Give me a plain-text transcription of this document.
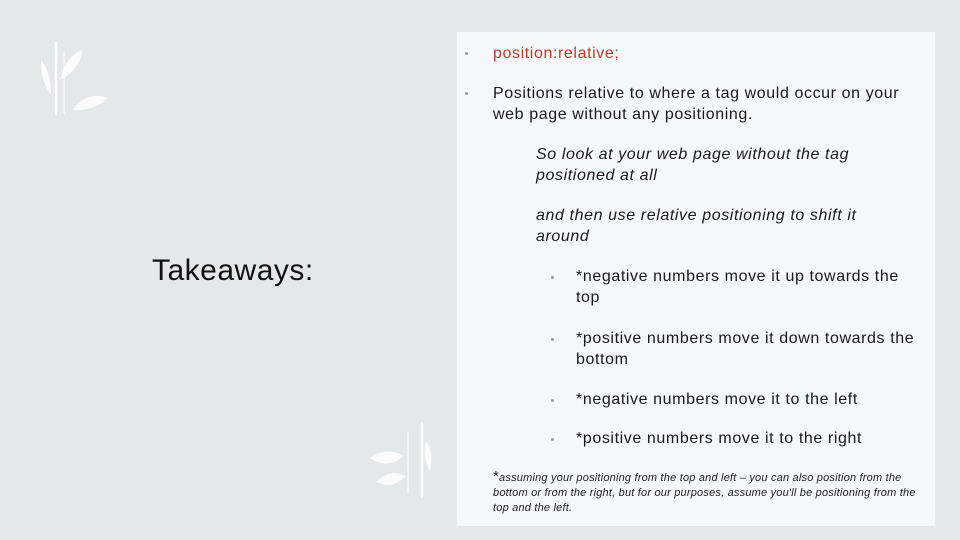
Takeaways:
position:relative;
Positions relative to where a tag would occur on your web page without any positioning.
So look at your web page without the tag positioned at all
and then use relative positioning to shift it around
*negative numbers move it up towards the top
*positive numbers move it down towards the bottom
*negative numbers move it to the left
*positive numbers move it to the right
*assuming your positioning from the top and left – you can also position from the bottom or from the right, but for our purposes, assume you'll be positioning from the top and the left.
